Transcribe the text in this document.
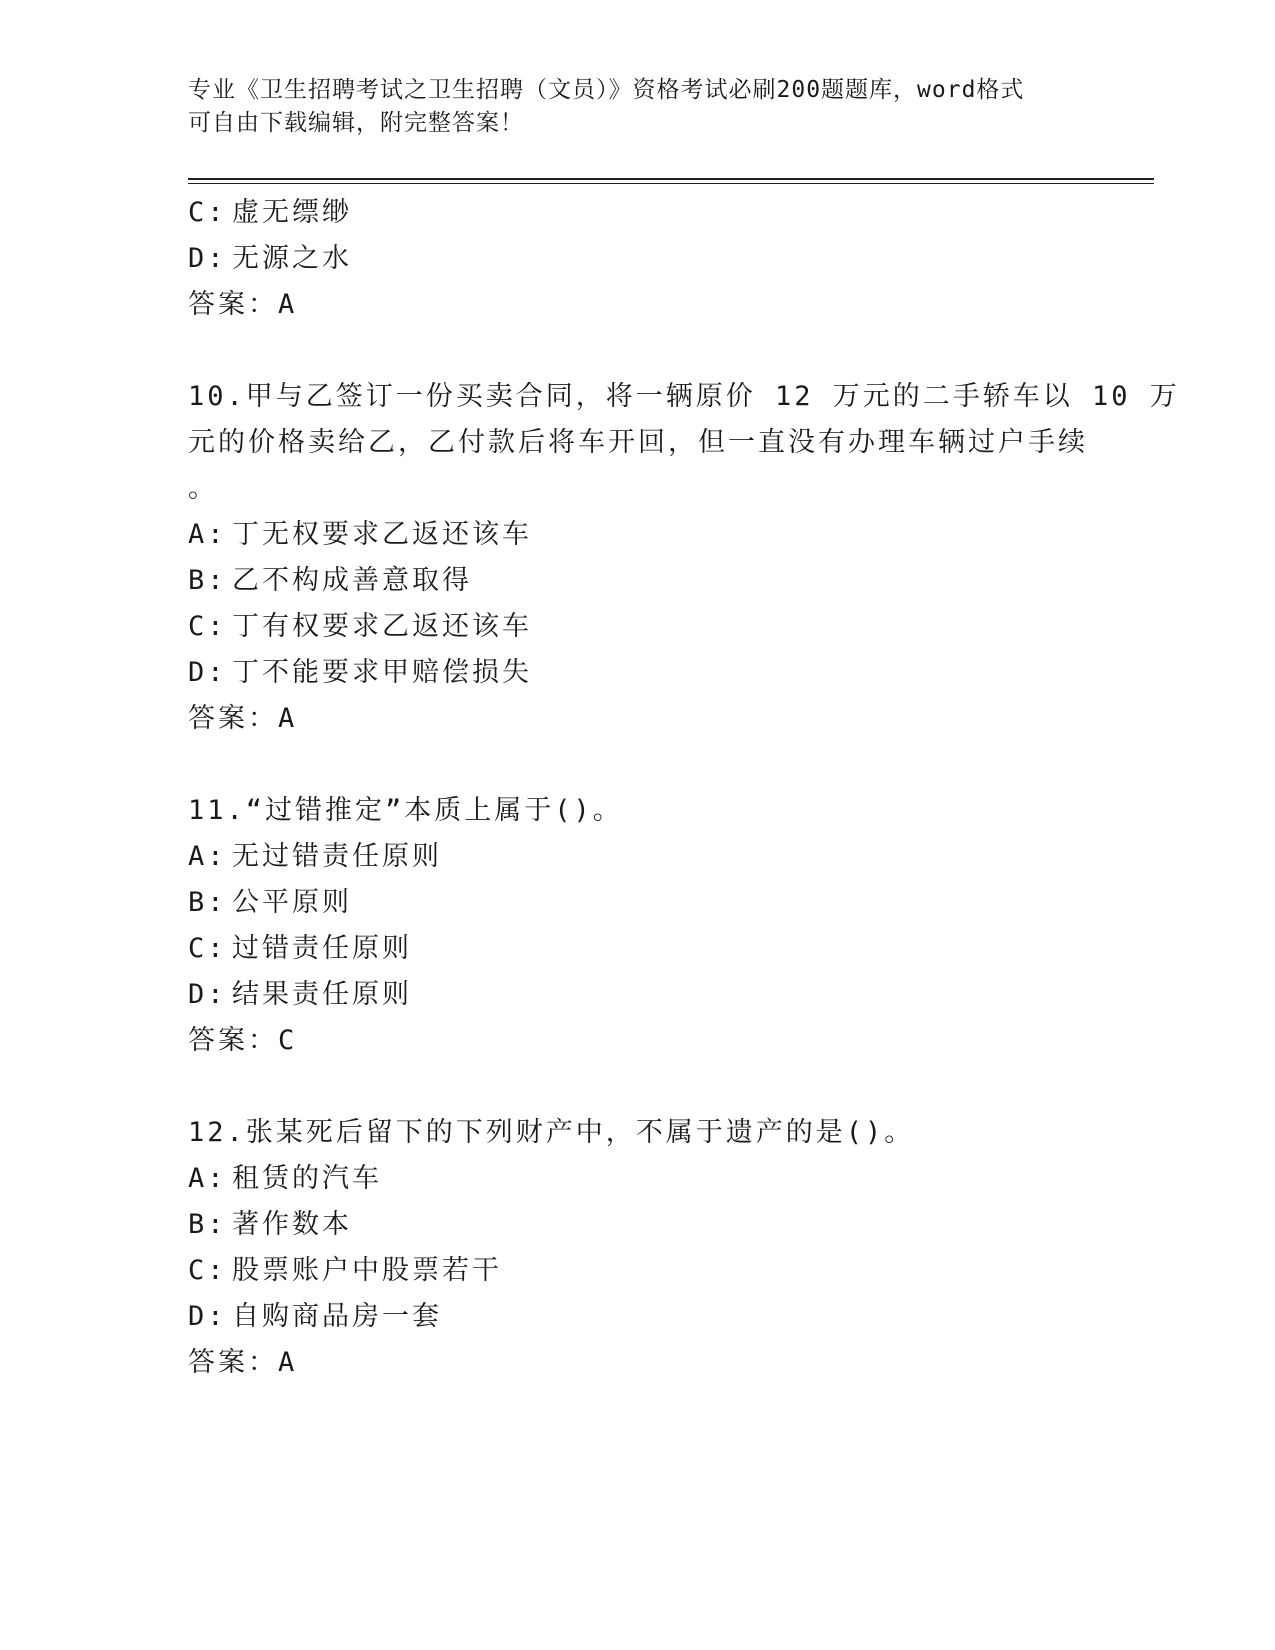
专业《卫生招聘考试之卫生招聘（文员）》资格考试必刷200题题库，word格式
可自由下载编辑，附完整答案！
C: 虚无缥缈
D: 无源之水
答案：A
10.甲与乙签订一份买卖合同，将一辆原价 12 万元的二手轿车以 10 万
元的价格卖给乙，乙付款后将车开回，但一直没有办理车辆过户手续
。
A: 丁无权要求乙返还该车
B: 乙不构成善意取得
C: 丁有权要求乙返还该车
D: 丁不能要求甲赔偿损失
答案：A
11.“过错推定”本质上属于()。
A: 无过错责任原则
B: 公平原则
C: 过错责任原则
D: 结果责任原则
答案：C
12.张某死后留下的下列财产中，不属于遗产的是()。
A: 租赁的汽车
B: 著作数本
C: 股票账户中股票若干
D: 自购商品房一套
答案：A
